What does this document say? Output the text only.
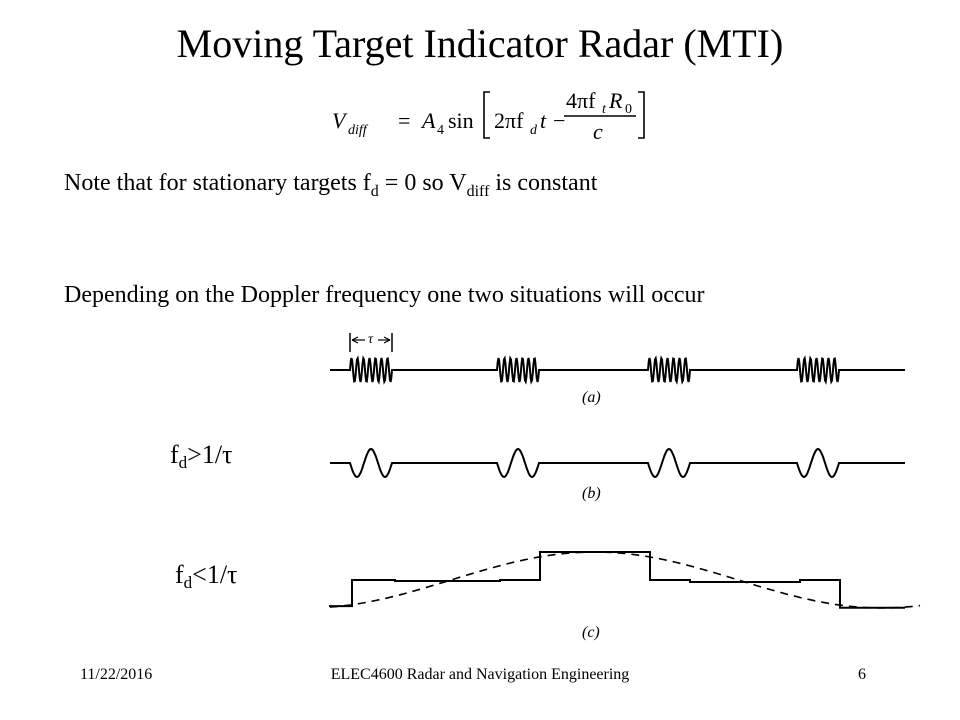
Moving Target Indicator Radar (MTI)
V diff = A 4 sin 2πf d t −
4πf t R 0
c
Note that for stationary targets $f_d = 0$ so $V_{diff}$ is constant
Depending on the Doppler frequency one two situations will occur
τ
(a)
(b)
(c)
fd>1/τ
fd<1/τ
11/22/2016	ELEC4600 Radar and Navigation Engineering	6
